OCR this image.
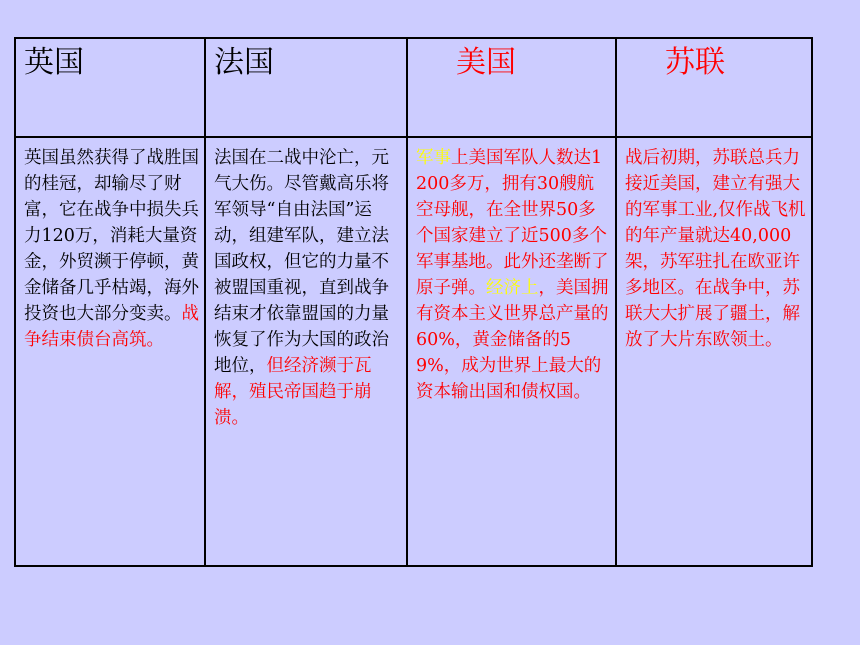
英国	法国	美国	苏联

英国虽然获得了战胜国的桂冠，却输尽了财富，它在战争中损失兵力120万，消耗大量资金，外贸濒于停顿，黄金储备几乎枯竭，海外投资也大部分变卖。战争结束债台高筑。	法国在二战中沦亡，元气大伤。尽管戴高乐将军领导“自由法国”运动，组建军队，建立法国政权，但它的力量不被盟国重视，直到战争结束才依靠盟国的力量恢复了作为大国的政治地位，但经济濒于瓦解，殖民帝国趋于崩溃。	军事上美国军队人数达1200多万，拥有30艘航空母舰，在全世界50多个国家建立了近500多个军事基地。此外还垄断了原子弹。经济上，美国拥有资本主义世界总产量的60%，黄金储备的59%，成为世界上最大的资本输出国和债权国。	战后初期，苏联总兵力接近美国，建立有强大的军事工业,仅作战飞机的年产量就达40,000架，苏军驻扎在欧亚许多地区。在战争中，苏联大大扩展了疆土，解放了大片东欧领土。
